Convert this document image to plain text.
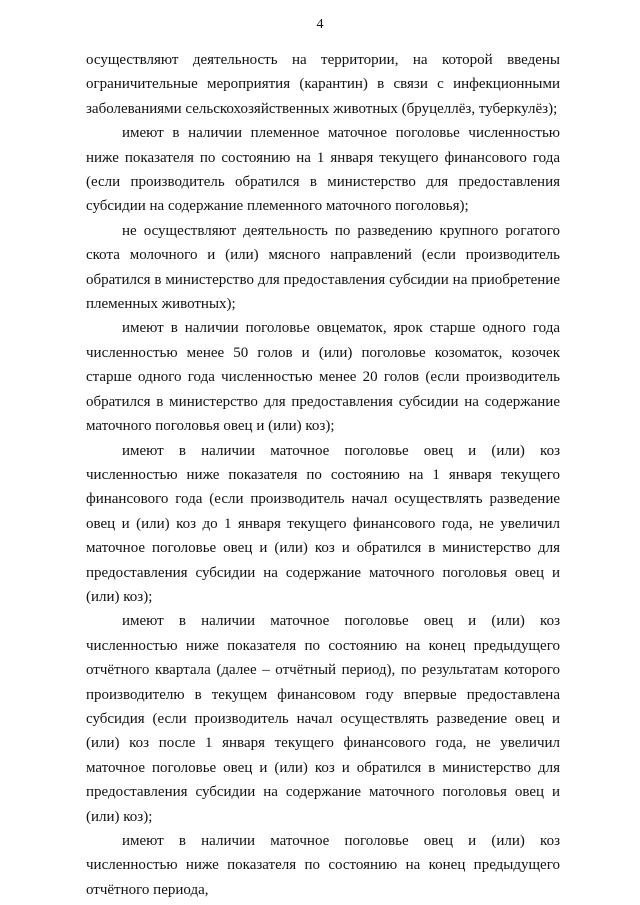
4

осуществляют деятельность на территории, на которой введены ограничительные мероприятия (карантин) в связи с инфекционными заболеваниями сельскохозяйственных животных (бруцеллёз, туберкулёз);

имеют в наличии племенное маточное поголовье численностью ниже показателя по состоянию на 1 января текущего финансового года (если производитель обратился в министерство для предоставления субсидии на содержание племенного маточного поголовья);

не осуществляют деятельность по разведению крупного рогатого скота молочного и (или) мясного направлений (если производитель обратился в министерство для предоставления субсидии на приобретение племенных животных);

имеют в наличии поголовье овцематок, ярок старше одного года численностью менее 50 голов и (или) поголовье козоматок, козочек старше одного года численностью менее 20 голов (если производитель обратился в министерство для предоставления субсидии на содержание маточного поголовья овец и (или) коз);

имеют в наличии маточное поголовье овец и (или) коз численностью ниже показателя по состоянию на 1 января текущего финансового года (если производитель начал осуществлять разведение овец и (или) коз до 1 января текущего финансового года, не увеличил маточное поголовье овец и (или) коз и обратился в министерство для предоставления субсидии на содержание маточного поголовья овец и (или) коз);

имеют в наличии маточное поголовье овец и (или) коз численностью ниже показателя по состоянию на конец предыдущего отчётного квартала (далее – отчётный период), по результатам которого производителю в текущем финансовом году впервые предоставлена субсидия (если производитель начал осуществлять разведение овец и (или) коз после 1 января текущего финансового года, не увеличил маточное поголовье овец и (или) коз и обратился в министерство для предоставления субсидии на содержание маточного поголовья овец и (или) коз);

имеют в наличии маточное поголовье овец и (или) коз численностью ниже показателя по состоянию на конец предыдущего отчётного периода,
